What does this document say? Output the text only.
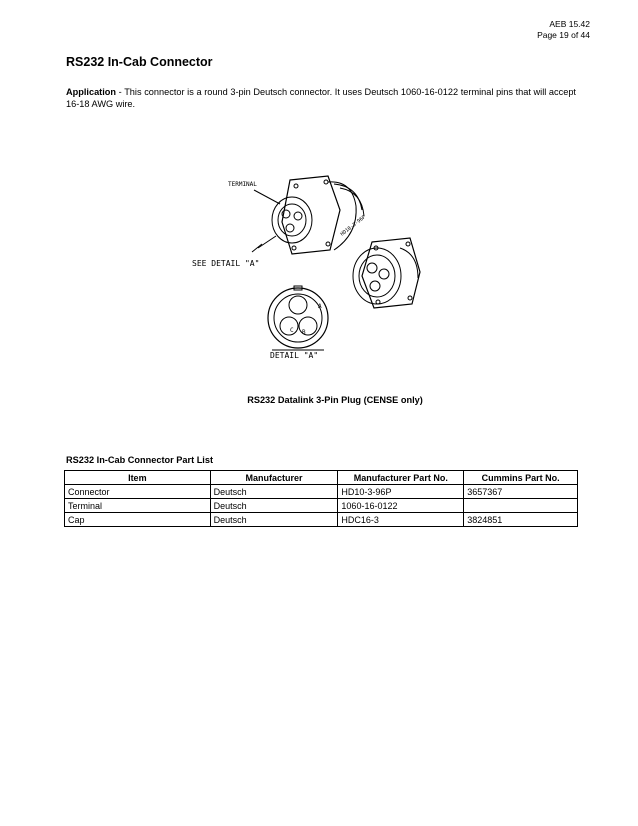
AEB 15.42
Page 19 of 44
RS232 In-Cab Connector
Application - This connector is a round 3-pin Deutsch connector. It uses Deutsch 1060-16-0122 terminal pins that will accept 16-18 AWG wire.
TERMINAL
SEE DETAIL "A"
DETAIL "A"
A
C B
HD10-3-96P
RS232 Datalink 3-Pin Plug (CENSE only)
RS232 In-Cab Connector Part List
Item	Manufacturer	Manufacturer Part No.	Cummins Part No.
Connector	Deutsch	HD10-3-96P	3657367
Terminal	Deutsch	1060-16-0122	
Cap	Deutsch	HDC16-3	3824851
